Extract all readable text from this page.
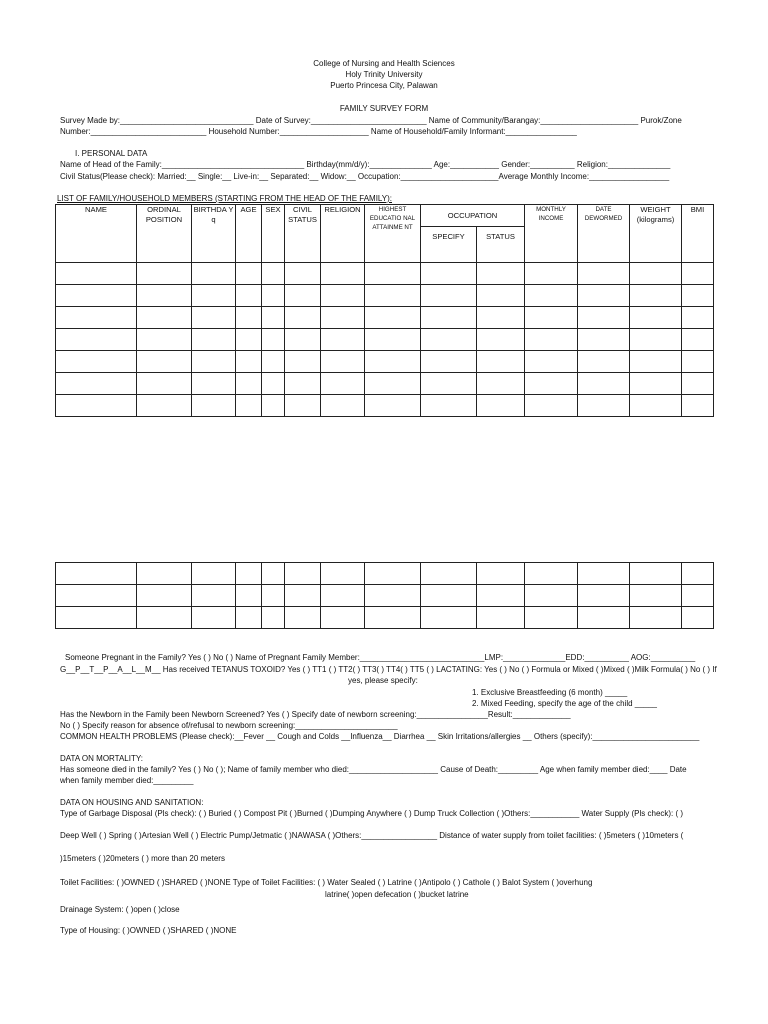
College of Nursing and Health Sciences
Holy Trinity University
Puerto Princesa City, Palawan
FAMILY SURVEY FORM
Survey Made by:______________________________ Date of Survey:__________________________ Name of Community/Barangay:______________________ Purok/Zone
Number:__________________________ Household Number:____________________ Name of Household/Family Informant:________________
I. PERSONAL DATA
Name of Head of the Family:________________________________ Birthday(mm/d/y):______________ Age:___________ Gender:__________ Religion:______________
Civil Status(Please check): Married:__ Single:__ Live-in:__ Separated:__ Widow:__ Occupation:______________________Average Monthly Income:__________________
LIST OF FAMILY/HOUSEHOLD MEMBERS (STARTING FROM THE HEAD OF THE FAMILY):
NAME	ORDINAL POSITION	BIRTHDA Y q	AGE	SEX	CIVIL STATUS	RELIGION	HIGHEST EDUCATIO NAL ATTAINME NT	OCCUPATION		MONTHLY INCOME	DATE DEWORMED	WEIGHT (kilograms)	BMI
								SPECIFY	STATUS				

Someone Pregnant in the Family? Yes ( ) No ( ) Name of Pregnant Family Member:____________________________LMP:______________EDD:__________ AOG:__________
G__P__T__P__A__L__M__ Has received TETANUS TOXOID? Yes ( ) TT1 ( ) TT2( ) TT3( ) TT4( ) TT5 ( ) LACTATING: Yes ( ) No ( ) Formula or Mixed ( )Mixed ( )Milk Formula( ) No ( ) If
yes, please specify:
1. Exclusive Breastfeeding (6 month) _____
2. Mixed Feeding, specify the age of the child _____
Has the Newborn in the Family been Newborn Screened? Yes ( ) Specify date of newborn screening:________________Result:_____________
No ( ) Specify reason for absence of/refusal to newborn screening:_______________________
COMMON HEALTH PROBLEMS (Please check):__Fever __ Cough and Colds __Influenza__ Diarrhea __ Skin Irritations/allergies __ Others (specify):________________________
DATA ON MORTALITY:
Has someone died in the family? Yes ( ) No ( ); Name of family member who died:____________________ Cause of Death:_________ Age when family member died:____ Date
when family member died:_________
DATA ON HOUSING AND SANITATION:
Type of Garbage Disposal (Pls check): ( ) Buried ( ) Compost Pit ( )Burned ( )Dumping Anywhere ( ) Dump Truck Collection ( )Others:___________ Water Supply (Pls check): ( )
Deep Well ( ) Spring ( )Artesian Well ( ) Electric Pump/Jetmatic ( )NAWASA ( )Others:_________________ Distance of water supply from toilet facilities: ( )5meters ( )10meters (
)15meters ( )20meters ( ) more than 20 meters
Toilet Facilities: ( )OWNED ( )SHARED ( )NONE Type of Toilet Facilities: ( ) Water Sealed ( ) Latrine ( )Antipolo ( ) Cathole ( ) Balot System ( )overhung
latrine( )open defecation ( )bucket latrine
Drainage System: ( )open ( )close
Type of Housing: ( )OWNED ( )SHARED ( )NONE
